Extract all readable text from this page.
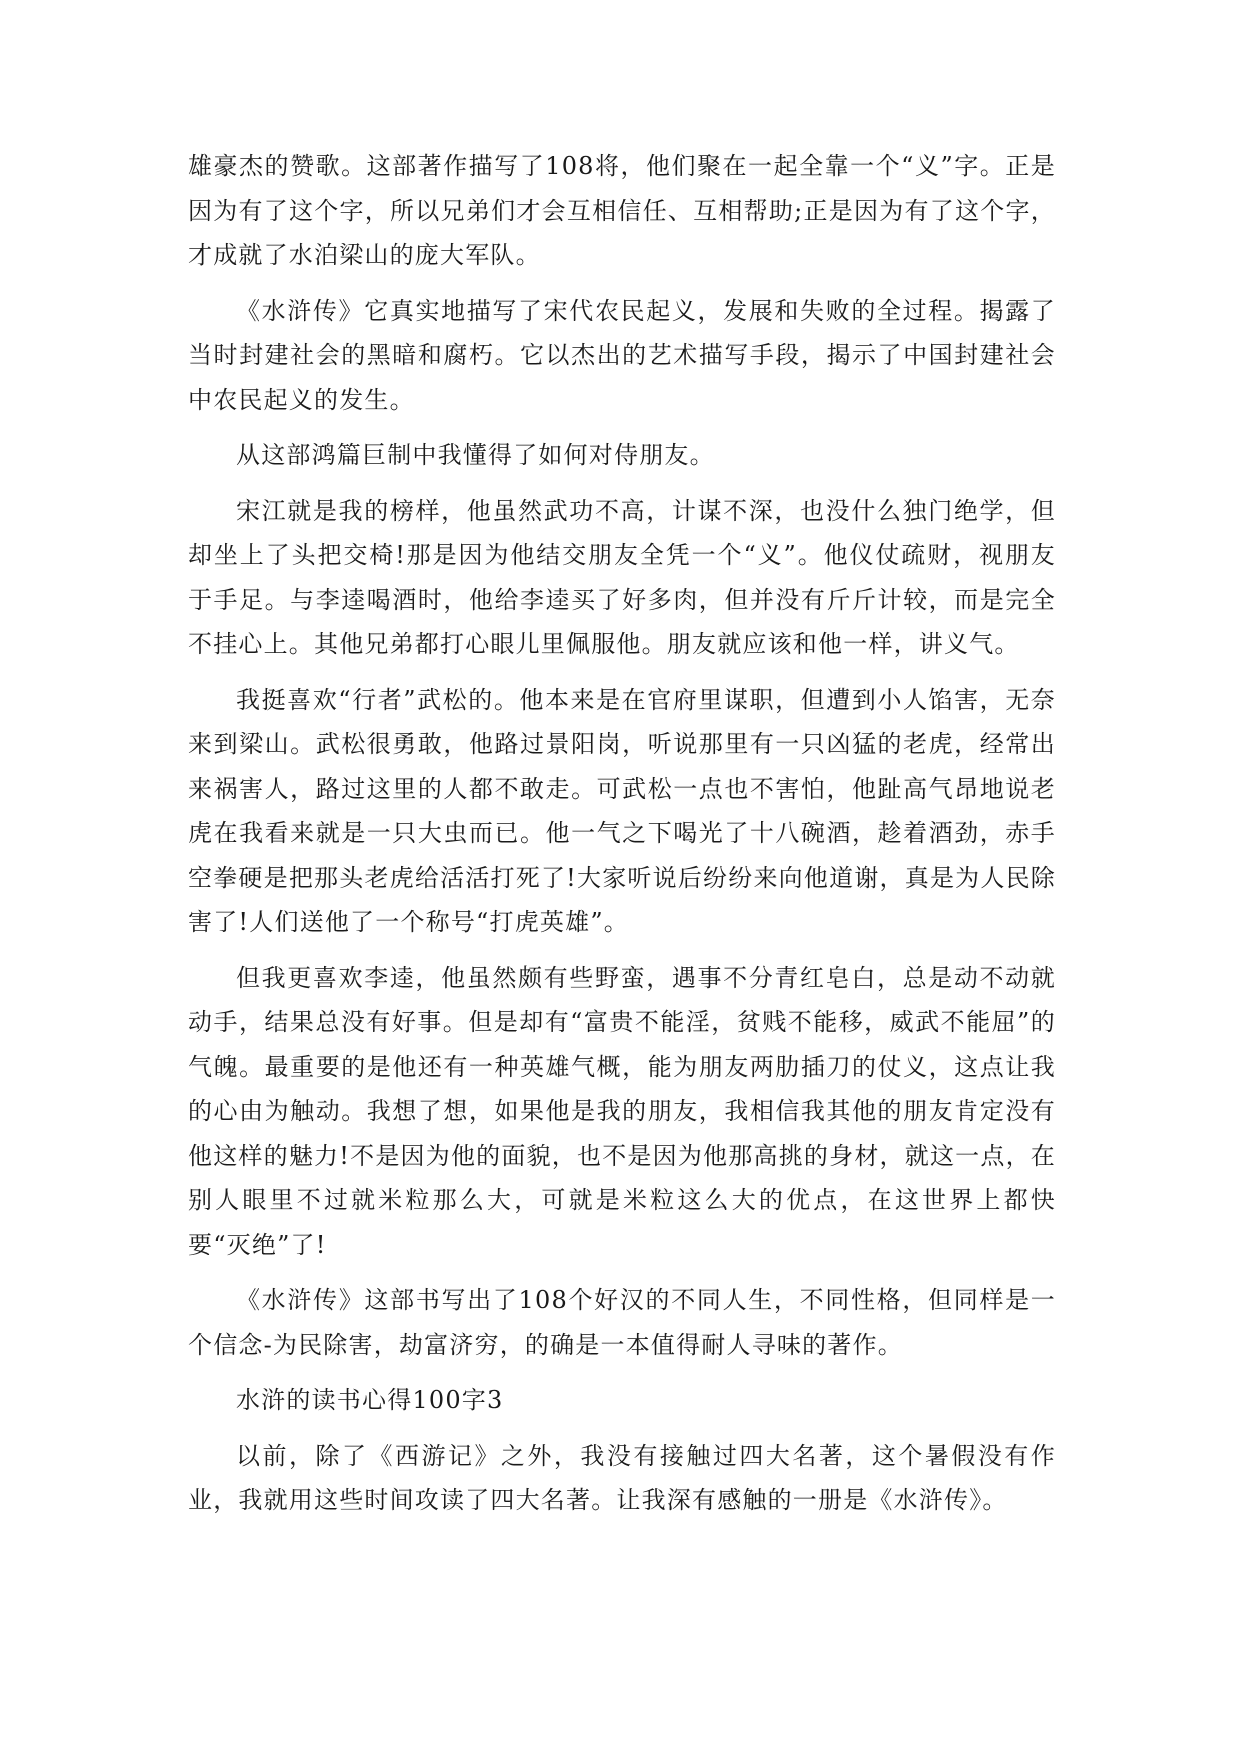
雄豪杰的赞歌。这部著作描写了108将，他们聚在一起全靠一个“义”字。正是因为有了这个字，所以兄弟们才会互相信任、互相帮助;正是因为有了这个字，才成就了水泊梁山的庞大军队。

《水浒传》它真实地描写了宋代农民起义，发展和失败的全过程。揭露了当时封建社会的黑暗和腐朽。它以杰出的艺术描写手段，揭示了中国封建社会中农民起义的发生。

从这部鸿篇巨制中我懂得了如何对侍朋友。

宋江就是我的榜样，他虽然武功不高，计谋不深，也没什么独门绝学，但却坐上了头把交椅!那是因为他结交朋友全凭一个“义”。他仪仗疏财，视朋友于手足。与李逵喝酒时，他给李逵买了好多肉，但并没有斤斤计较，而是完全不挂心上。其他兄弟都打心眼儿里佩服他。朋友就应该和他一样，讲义气。

我挺喜欢“行者”武松的。他本来是在官府里谋职，但遭到小人馅害，无奈来到梁山。武松很勇敢，他路过景阳岗，听说那里有一只凶猛的老虎，经常出来祸害人，路过这里的人都不敢走。可武松一点也不害怕，他趾高气昂地说老虎在我看来就是一只大虫而已。他一气之下喝光了十八碗酒，趁着酒劲，赤手空拳硬是把那头老虎给活活打死了!大家听说后纷纷来向他道谢，真是为人民除害了!人们送他了一个称号“打虎英雄”。

但我更喜欢李逵，他虽然颇有些野蛮，遇事不分青红皂白，总是动不动就动手，结果总没有好事。但是却有“富贵不能淫，贫贱不能移，威武不能屈”的气魄。最重要的是他还有一种英雄气概，能为朋友两肋插刀的仗义，这点让我的心由为触动。我想了想，如果他是我的朋友，我相信我其他的朋友肯定没有他这样的魅力!不是因为他的面貌，也不是因为他那高挑的身材，就这一点，在别人眼里不过就米粒那么大，可就是米粒这么大的优点，在这世界上都快要“灭绝”了!

《水浒传》这部书写出了108个好汉的不同人生，不同性格，但同样是一个信念-为民除害，劫富济穷，的确是一本值得耐人寻味的著作。

水浒的读书心得100字3

以前，除了《西游记》之外，我没有接触过四大名著，这个暑假没有作业，我就用这些时间攻读了四大名著。让我深有感触的一册是《水浒传》。
